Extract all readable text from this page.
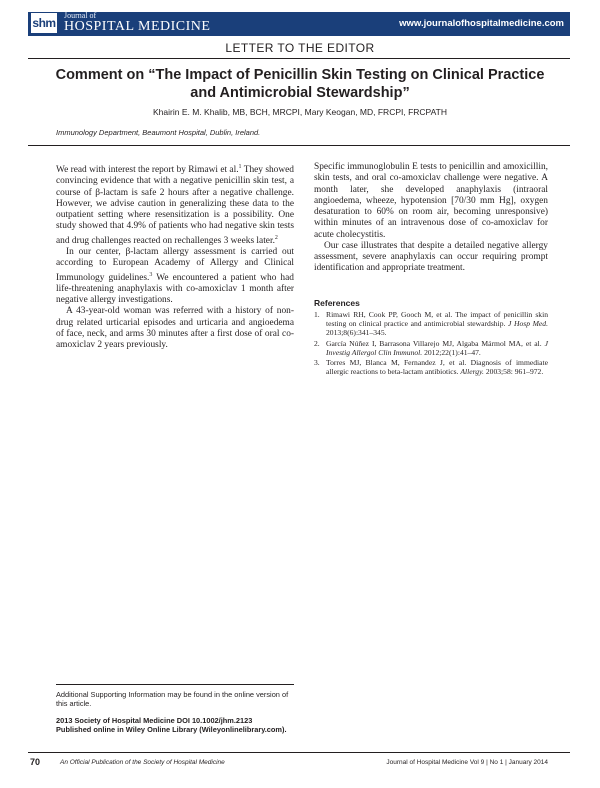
shm
Journal of
HOSPITAL MEDICINE	www.journalofhospitalmedicine.com
LETTER TO THE EDITOR
Comment on “The Impact of Penicillin Skin Testing on Clinical Practice
and Antimicrobial Stewardship”
Khairin E. M. Khalib, MB, BCH, MRCPI, Mary Keogan, MD, FRCPI, FRCPATH
Immunology Department, Beaumont Hospital, Dublin, Ireland.

We read with interest the report by Rimawi et al.$^1$ They showed convincing evidence that with a negative penicillin skin test, a course of β-lactam is safe 2 hours after a negative challenge. However, we advise caution in generalizing these data to the outpatient setting where resensitization is a possibility. One study showed that 4.9% of patients who had negative skin tests and drug challenges reacted on rechallenges 3 weeks later.$^2$

In our center, β-lactam allergy assessment is carried out according to European Academy of Allergy and Clinical Immunology guidelines.$^3$ We encountered a patient who had life-threatening anaphylaxis with co-amoxiclav 1 month after negative allergy investigations.

A 43-year-old woman was referred with a history of non-drug related urticarial episodes and urticaria and angioedema of face, neck, and arms 30 minutes after a first dose of oral co-amoxiclav 2 years previously.

Specific immunoglobulin E tests to penicillin and amoxicillin, skin tests, and oral co-amoxiclav challenge were negative. A month later, she developed anaphylaxis (intraoral angioedema, wheeze, hypotension [70/30 mm Hg], oxygen desaturation to 60% on room air, becoming unresponsive) within minutes of an intravenous dose of co-amoxiclav for acute cholecystitis.

Our case illustrates that despite a detailed negative allergy assessment, severe anaphylaxis can occur requiring prompt identification and appropriate treatment.

References
1. Rimawi RH, Cook PP, Gooch M, et al. The impact of penicillin skin testing on clinical practice and antimicrobial stewardship. J Hosp Med. 2013;8(6):341–345.
2. García Núñez I, Barrasona Villarejo MJ, Algaba Mármol MA, et al. J Investig Allergol Clin Immunol. 2012;22(1):41–47.
3. Torres MJ, Blanca M, Fernandez J, et al. Diagnosis of immediate allergic reactions to beta-lactam antibiotics. Allergy. 2003;58: 961–972.
Additional Supporting Information may be found in the online version of this article.
2013 Society of Hospital Medicine DOI 10.1002/jhm.2123
Published online in Wiley Online Library (Wileyonlinelibrary.com).
70	An Official Publication of the Society of Hospital Medicine	Journal of Hospital Medicine Vol 9 | No 1 | January 2014
